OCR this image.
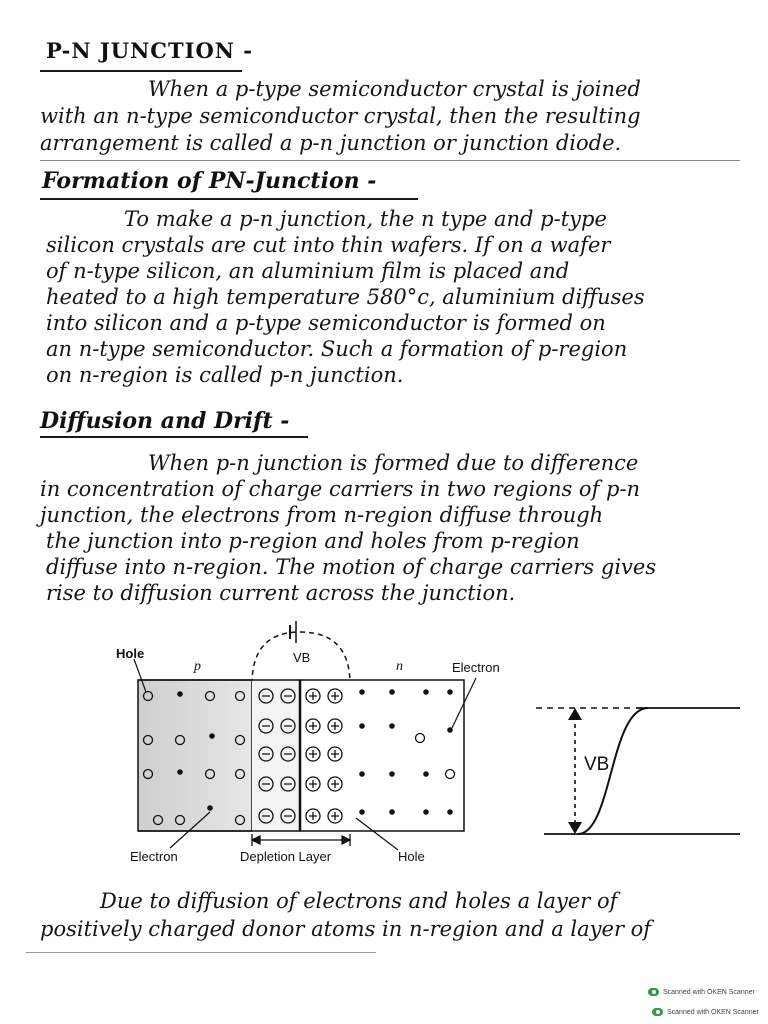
P-N JUNCTION -
When a p-type semiconductor crystal is joined
with an n-type semiconductor crystal, then the resulting
arrangement is called a p-n junction or junction diode.
Formation of PN-Junction -
To make a p-n junction, the n type and p-type
silicon crystals are cut into thin wafers. If on a wafer
of n-type silicon, an aluminium film is placed and
heated to a high temperature 580°c, aluminium diffuses
into silicon and a p-type semiconductor is formed on
an n-type semiconductor. Such a formation of p-region
on n-region is called p-n junction.
Diffusion and Drift -
When p-n junction is formed due to difference
in concentration of charge carriers in two regions of p-n
junction, the electrons from n-region diffuse through
the junction into p-region and holes from p-region
diffuse into n-region. The motion of charge carriers gives
rise to diffusion current across the junction.
Hole
p
VB
n	Electron
Electron	Depletion Layer	Hole
VB
Due to diffusion of electrons and holes a layer of
positively charged donor atoms in n-region and a layer of
Scanned with OKEN Scanner
Scanned with OKEN Scanner
